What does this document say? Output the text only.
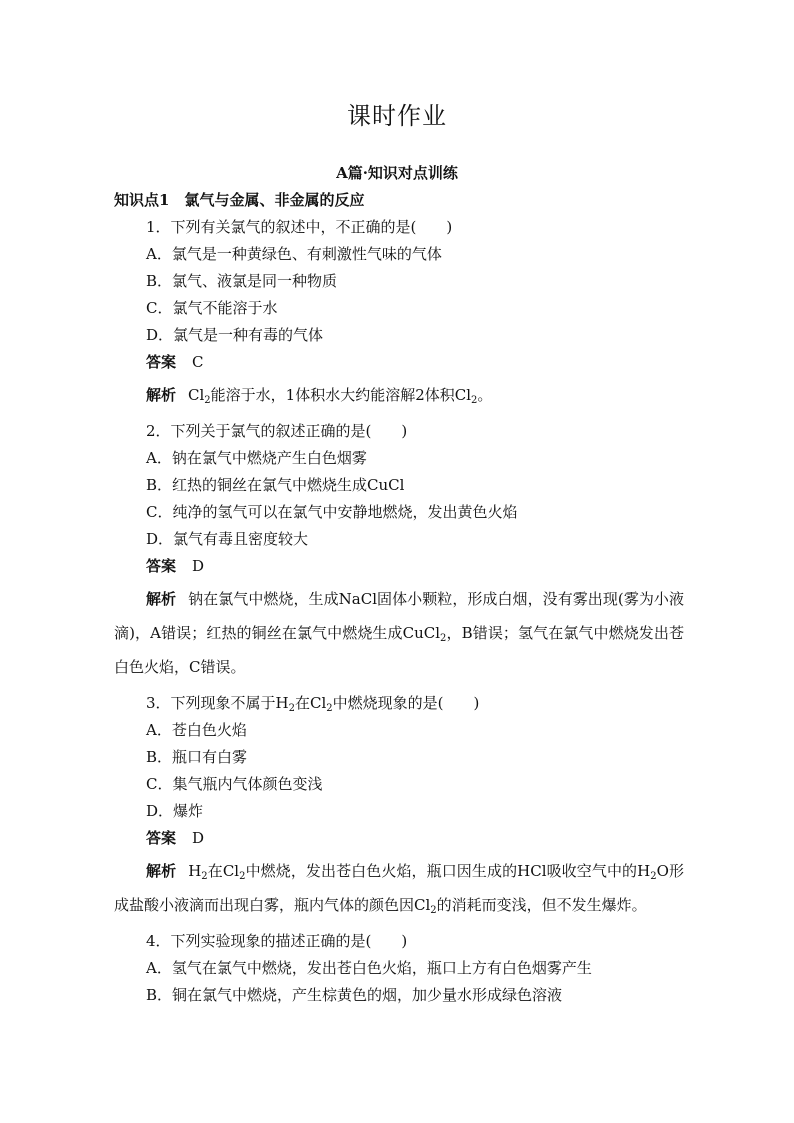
课时作业
A篇·知识对点训练
知识点1　氯气与金属、非金属的反应
1．下列有关氯气的叙述中，不正确的是(　　)
A．氯气是一种黄绿色、有刺激性气味的气体
B．氯气、液氯是同一种物质
C．氯气不能溶于水
D．氯气是一种有毒的气体
答案 C
解析 $Cl_2$能溶于水，1体积水大约能溶解2体积$Cl_2$。
2．下列关于氯气的叙述正确的是(　　)
A．钠在氯气中燃烧产生白色烟雾
B．红热的铜丝在氯气中燃烧生成CuCl
C．纯净的氢气可以在氯气中安静地燃烧，发出黄色火焰
D．氯气有毒且密度较大
答案 D
解析 钠在氯气中燃烧，生成NaCl固体小颗粒，形成白烟，没有雾出现(雾为小液滴)，A错误；红热的铜丝在氯气中燃烧生成CuCl$_2$，B错误；氢气在氯气中燃烧发出苍白色火焰，C错误。
3．下列现象不属于$H_2$在$Cl_2$中燃烧现象的是(　　)
A．苍白色火焰
B．瓶口有白雾
C．集气瓶内气体颜色变浅
D．爆炸
答案 D
解析 $H_2$在$Cl_2$中燃烧，发出苍白色火焰，瓶口因生成的HCl吸收空气中的$H_2O$形成盐酸小液滴而出现白雾，瓶内气体的颜色因$Cl_2$的消耗而变浅，但不发生爆炸。
4．下列实验现象的描述正确的是(　　)
A．氢气在氯气中燃烧，发出苍白色火焰，瓶口上方有白色烟雾产生
B．铜在氯气中燃烧，产生棕黄色的烟，加少量水形成绿色溶液
